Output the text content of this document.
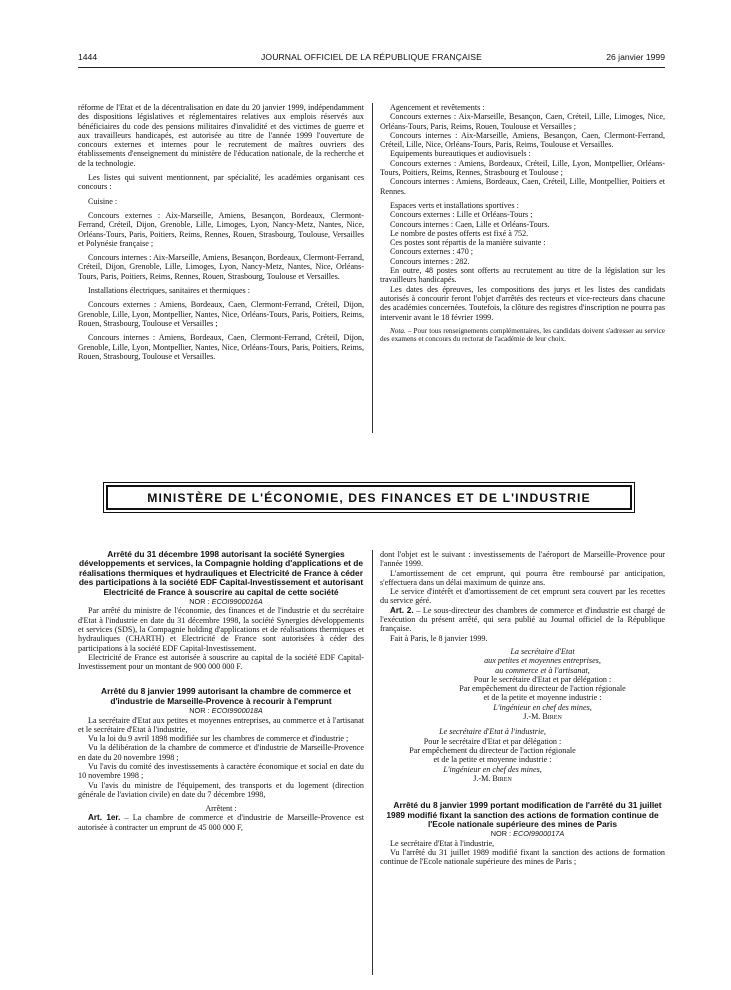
1444	JOURNAL OFFICIEL DE LA RÉPUBLIQUE FRANÇAISE	26 janvier 1999

réforme de l'Etat et de la décentralisation en date du 20 janvier 1999, indépendamment des dispositions législatives et réglementaires relatives aux emplois réservés aux bénéficiaires du code des pensions militaires d'invalidité et des victimes de guerre et aux travailleurs handicapés, est autorisée au titre de l'année 1999 l'ouverture de concours externes et internes pour le recrutement de maîtres ouvriers des établissements d'enseignement du ministère de l'éducation nationale, de la recherche et de la technologie.

Les listes qui suivent mentionnent, par spécialité, les académies organisant ces concours :

Cuisine :

Concours externes : Aix-Marseille, Amiens, Besançon, Bordeaux, Clermont-Ferrand, Créteil, Dijon, Grenoble, Lille, Limoges, Lyon, Nancy-Metz, Nantes, Nice, Orléans-Tours, Paris, Poitiers, Reims, Rennes, Rouen, Strasbourg, Toulouse, Versailles et Polynésie française ;

Concours internes : Aix-Marseille, Amiens, Besançon, Bordeaux, Clermont-Ferrand, Créteil, Dijon, Grenoble, Lille, Limoges, Lyon, Nancy-Metz, Nantes, Nice, Orléans-Tours, Paris, Poitiers, Reims, Rennes, Rouen, Strasbourg, Toulouse et Versailles.

Installations électriques, sanitaires et thermiques :

Concours externes : Amiens, Bordeaux, Caen, Clermont-Ferrand, Créteil, Dijon, Grenoble, Lille, Lyon, Montpellier, Nantes, Nice, Orléans-Tours, Paris, Poitiers, Reims, Rouen, Strasbourg, Toulouse et Versailles ;

Concours internes : Amiens, Bordeaux, Caen, Clermont-Ferrand, Créteil, Dijon, Grenoble, Lille, Lyon, Montpellier, Nantes, Nice, Orléans-Tours, Paris, Poitiers, Reims, Rouen, Strasbourg, Toulouse et Versailles.

Agencement et revêtements :

Concours externes : Aix-Marseille, Besançon, Caen, Créteil, Lille, Limoges, Nice, Orléans-Tours, Paris, Reims, Rouen, Toulouse et Versailles ;

Concours internes : Aix-Marseille, Amiens, Besançon, Caen, Clermont-Ferrand, Créteil, Lille, Nice, Orléans-Tours, Paris, Reims, Toulouse et Versailles.

Equipements bureautiques et audiovisuels :

Concours externes : Amiens, Bordeaux, Créteil, Lille, Lyon, Montpellier, Orléans-Tours, Poitiers, Reims, Rennes, Strasbourg et Toulouse ;

Concours internes : Amiens, Bordeaux, Caen, Créteil, Lille, Montpellier, Poitiers et Rennes.

Espaces verts et installations sportives :

Concours externes : Lille et Orléans-Tours ;

Concours internes : Caen, Lille et Orléans-Tours.

Le nombre de postes offerts est fixé à 752.

Ces postes sont répartis de la manière suivante :

Concours externes : 470 ;

Concours internes : 282.

En outre, 48 postes sont offerts au recrutement au titre de la législation sur les travailleurs handicapés.

Les dates des épreuves, les compositions des jurys et les listes des candidats autorisés à concourir feront l'objet d'arrêtés des recteurs et vice-recteurs dans chacune des académies concernées. Toutefois, la clôture des registres d'inscription ne pourra pas intervenir avant le 18 février 1999.

Nota. – Pour tous renseignements complémentaires, les candidats doivent s'adresser au service des examens et concours du rectorat de l'académie de leur choix.

MINISTÈRE DE L'ÉCONOMIE, DES FINANCES ET DE L'INDUSTRIE

Arrêté du 31 décembre 1998 autorisant la société Synergies développements et services, la Compagnie holding d'applications et de réalisations thermiques et hydrauliques et Electricité de France à céder des participations à la société EDF Capital-Investissement et autorisant Electricité de France à souscrire au capital de cette société

NOR : ECOI9900016A

Par arrêté du ministre de l'économie, des finances et de l'industrie et du secrétaire d'Etat à l'industrie en date du 31 décembre 1998, la société Synergies développements et services (SDS), la Compagnie holding d'applications et de réalisations thermiques et hydrauliques (CHARTH) et Electricité de France sont autorisées à céder des participations à la société EDF Capital-Investissement.

Electricité de France est autorisée à souscrire au capital de la société EDF Capital-Investissement pour un montant de 900 000 000 F.

Arrêté du 8 janvier 1999 autorisant la chambre de commerce et d'industrie de Marseille-Provence à recourir à l'emprunt

NOR : ECOI9900018A

La secrétaire d'Etat aux petites et moyennes entreprises, au commerce et à l'artisanat et le secrétaire d'Etat à l'industrie,

Vu la loi du 9 avril 1898 modifiée sur les chambres de commerce et d'industrie ;

Vu la délibération de la chambre de commerce et d'industrie de Marseille-Provence en date du 20 novembre 1998 ;

Vu l'avis du comité des investissements à caractère économique et social en date du 10 novembre 1998 ;

Vu l'avis du ministre de l'équipement, des transports et du logement (direction générale de l'aviation civile) en date du 7 décembre 1998,

Arrêtent :

Art. 1er. – La chambre de commerce et d'industrie de Marseille-Provence est autorisée à contracter un emprunt de 45 000 000 F,

dont l'objet est le suivant : investissements de l'aéroport de Marseille-Provence pour l'année 1999.

L'amortissement de cet emprunt, qui pourra être remboursé par anticipation, s'effectuera dans un délai maximum de quinze ans.

Le service d'intérêt et d'amortissement de cet emprunt sera couvert par les recettes du service géré.

Art. 2. – Le sous-directeur des chambres de commerce et d'industrie est chargé de l'exécution du présent arrêté, qui sera publié au Journal officiel de la République française.

Fait à Paris, le 8 janvier 1999.

La secrétaire d'Etat

aux petites et moyennes entreprises,

au commerce et à l'artisanat,

Pour le secrétaire d'Etat et par délégation :

Par empêchement du directeur de l'action régionale

et de la petite et moyenne industrie :

L'ingénieur en chef des mines,

J.-M. Biren

Le secrétaire d'Etat à l'industrie,

Pour le secrétaire d'Etat et par délégation :

Par empêchement du directeur de l'action régionale

et de la petite et moyenne industrie :

L'ingénieur en chef des mines,

J.-M. Biren

Arrêté du 8 janvier 1999 portant modification de l'arrêté du 31 juillet 1989 modifié fixant la sanction des actions de formation continue de l'Ecole nationale supérieure des mines de Paris

NOR : ECOI9900017A

Le secrétaire d'Etat à l'industrie,

Vu l'arrêté du 31 juillet 1989 modifié fixant la sanction des actions de formation continue de l'Ecole nationale supérieure des mines de Paris ;
